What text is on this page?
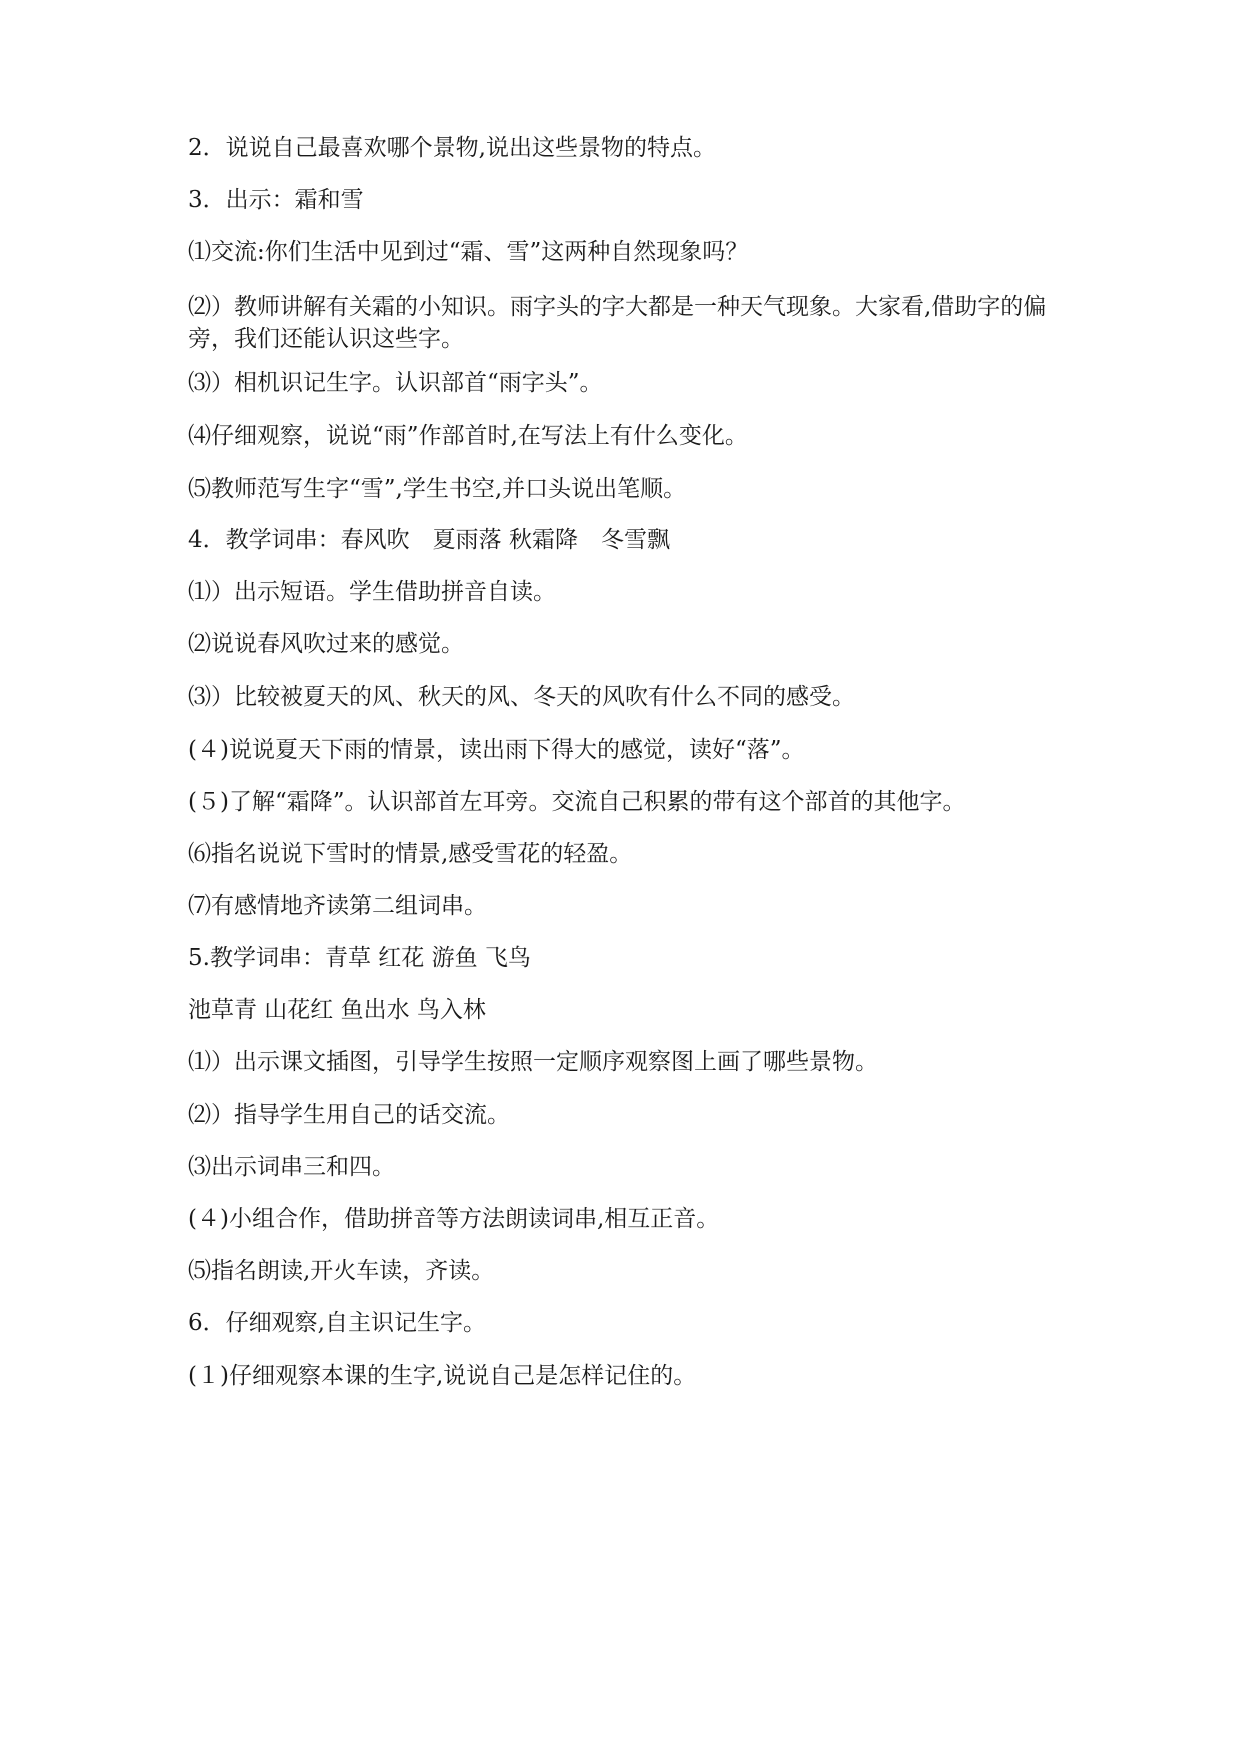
2．说说自己最喜欢哪个景物,说出这些景物的特点。

3．出示：霜和雪

⑴交流:你们生活中见到过“霜、雪”这两种自然现象吗？

⑵）教师讲解有关霜的小知识。雨字头的字大都是一种天气现象。大家看,借助字的偏旁，我们还能认识这些字。

⑶）相机识记生字。认识部首“雨字头”。

⑷仔细观察，说说“雨”作部首时,在写法上有什么变化。

⑸教师范写生字“雪”,学生书空,并口头说出笔顺。

4．教学词串：春风吹　夏雨落 秋霜降　冬雪飘

⑴）出示短语。学生借助拼音自读。

⑵说说春风吹过来的感觉。

⑶）比较被夏天的风、秋天的风、冬天的风吹有什么不同的感受。

(４)说说夏天下雨的情景，读出雨下得大的感觉，读好“落”。

(５)了解“霜降”。认识部首左耳旁。交流自己积累的带有这个部首的其他字。

⑹指名说说下雪时的情景,感受雪花的轻盈。

⑺有感情地齐读第二组词串。

5.教学词串：青草 红花 游鱼 飞鸟

池草青 山花红 鱼出水 鸟入林

⑴）出示课文插图，引导学生按照一定顺序观察图上画了哪些景物。

⑵）指导学生用自己的话交流。

⑶出示词串三和四。

(４)小组合作，借助拼音等方法朗读词串,相互正音。

⑸指名朗读,开火车读，齐读。

6．仔细观察,自主识记生字。

(１)仔细观察本课的生字,说说自己是怎样记住的。
